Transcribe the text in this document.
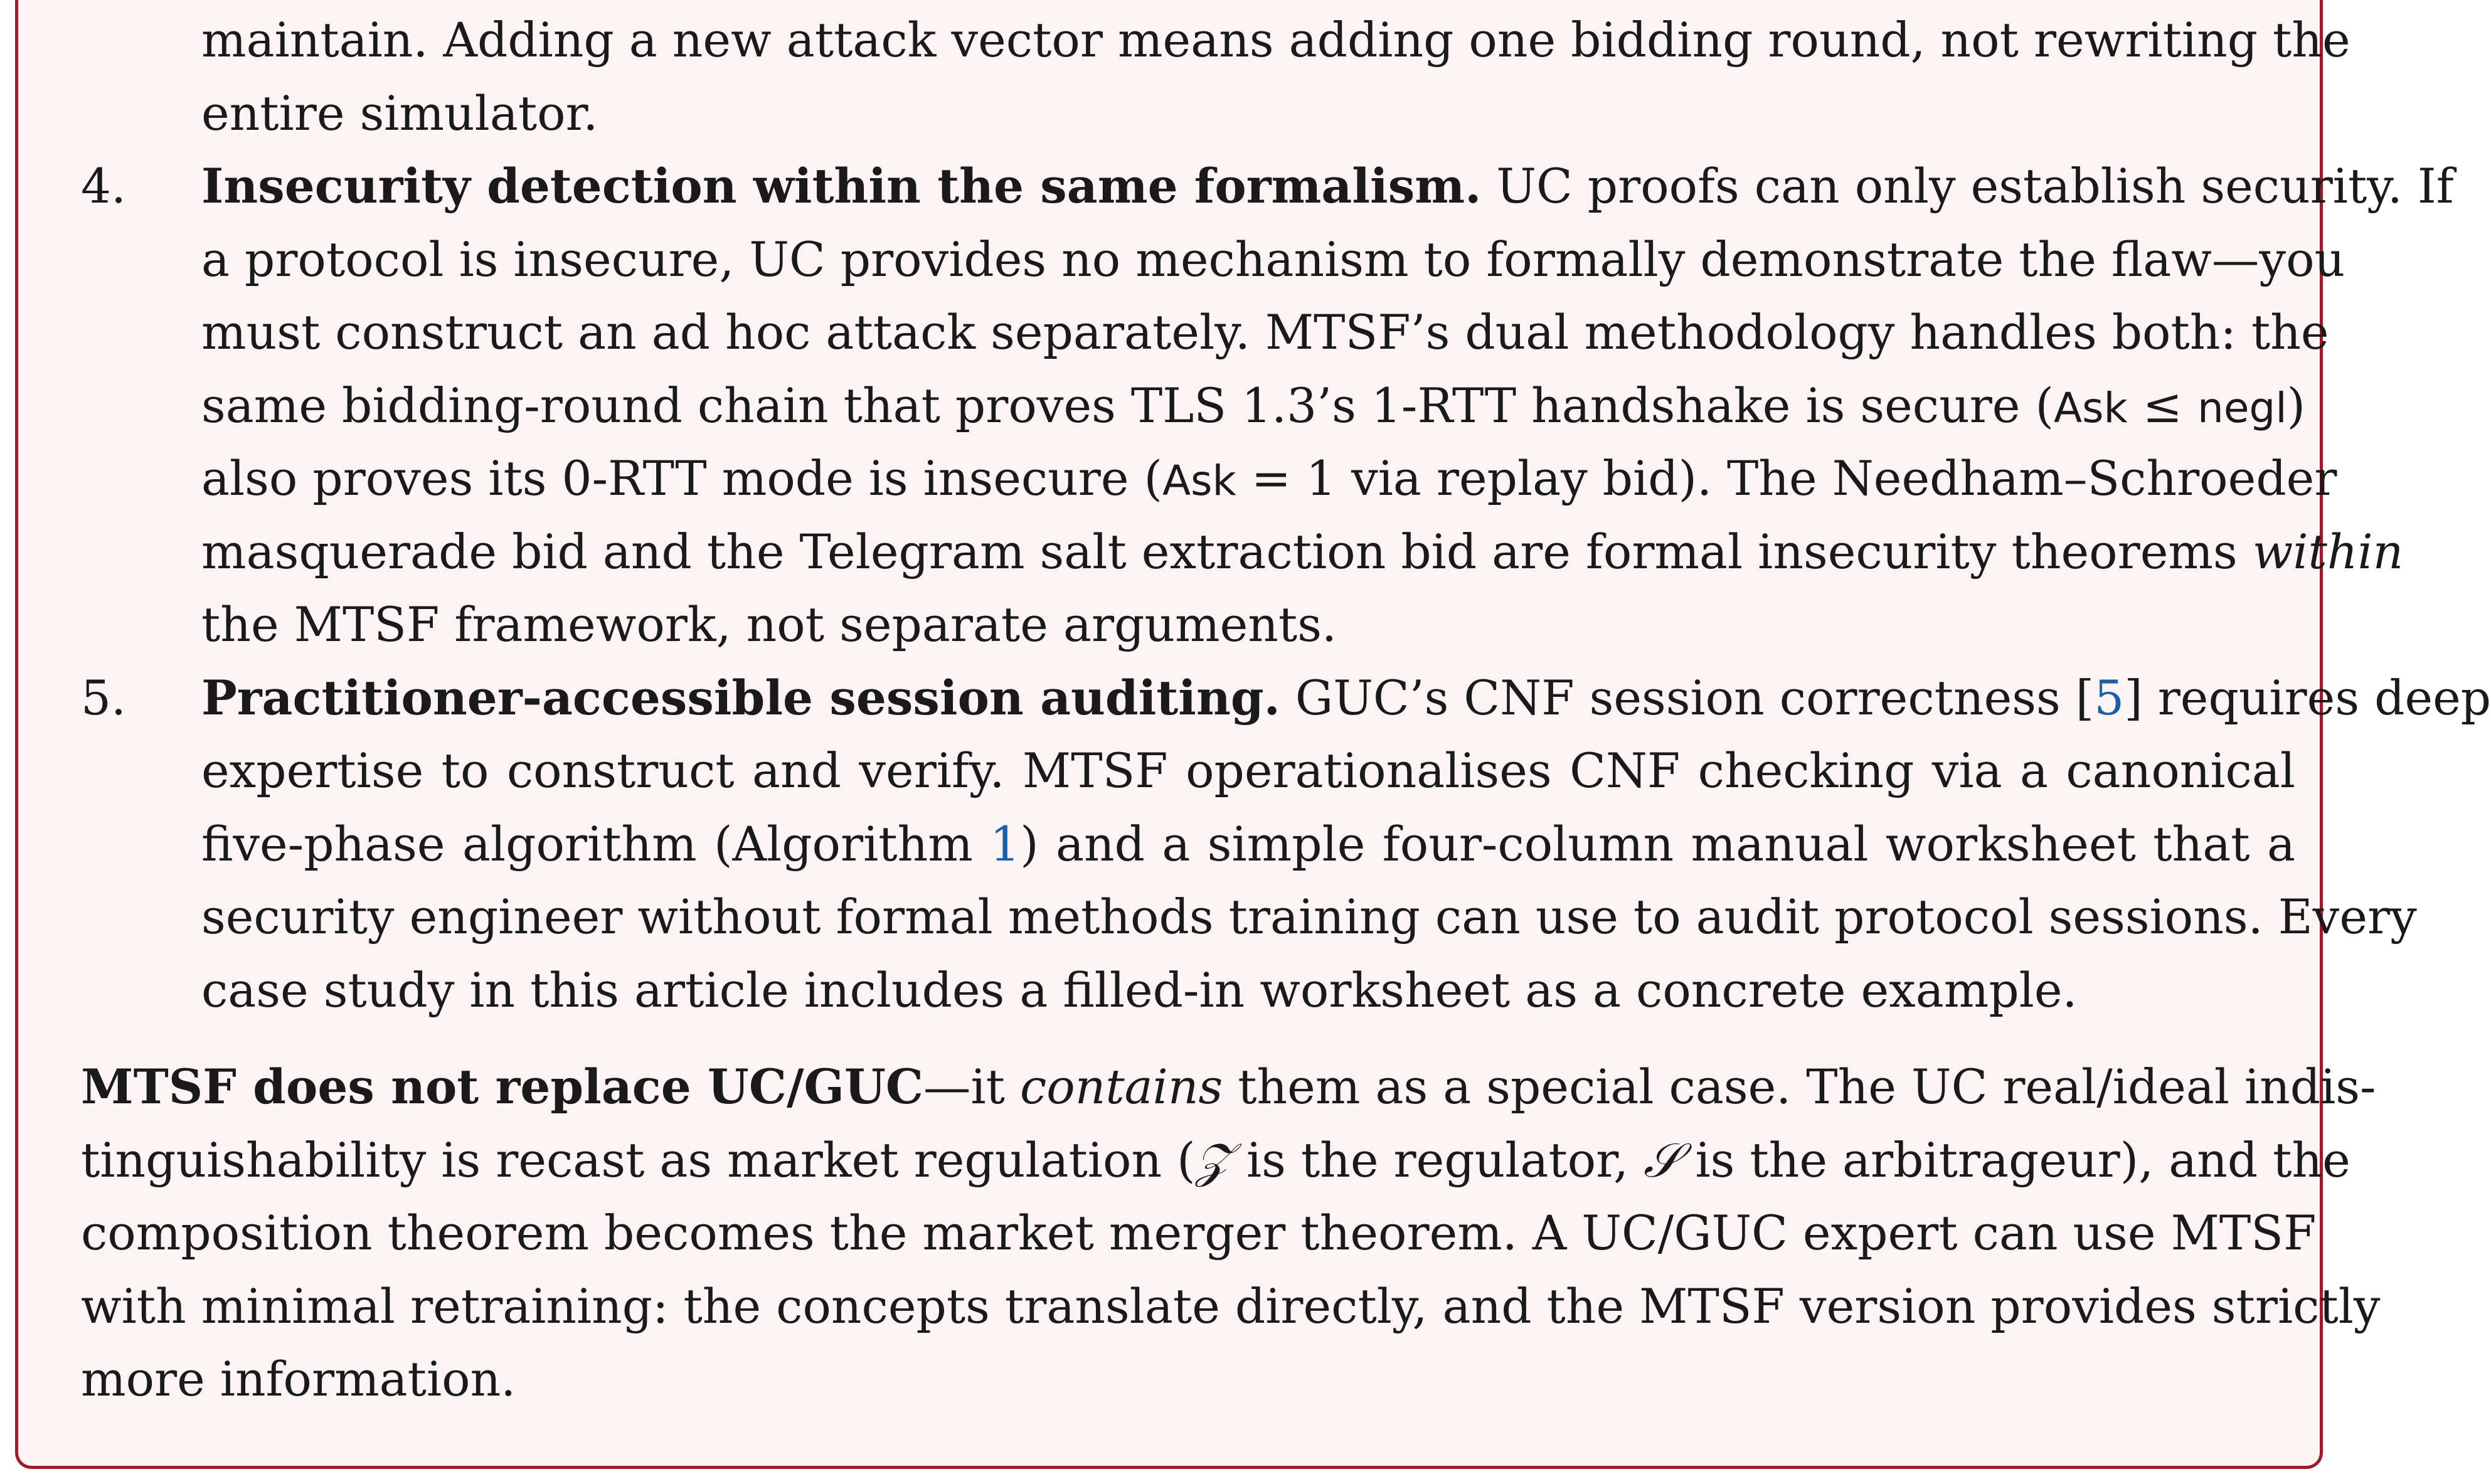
maintain. Adding a new attack vector means adding one bidding round, not rewriting the
entire simulator.
4. Insecurity detection within the same formalism. UC proofs can only establish security. If
a protocol is insecure, UC provides no mechanism to formally demonstrate the flaw—you
must construct an ad hoc attack separately. MTSF’s dual methodology handles both: the
same bidding-round chain that proves TLS 1.3’s 1-RTT handshake is secure (Ask ≤ negl)
also proves its 0-RTT mode is insecure (Ask = 1 via replay bid). The Needham–Schroeder
masquerade bid and the Telegram salt extraction bid are formal insecurity theorems within
the MTSF framework, not separate arguments.
5. Practitioner-accessible session auditing. GUC’s CNF session correctness [5] requires deep
expertise to construct and verify. MTSF operationalises CNF checking via a canonical
five-phase algorithm (Algorithm 1) and a simple four-column manual worksheet that a
security engineer without formal methods training can use to audit protocol sessions. Every
case study in this article includes a filled-in worksheet as a concrete example.
MTSF does not replace UC/GUC—it contains them as a special case. The UC real/ideal indis-
tinguishability is recast as market regulation (𝒵 is the regulator, 𝒮 is the arbitrageur), and the
composition theorem becomes the market merger theorem. A UC/GUC expert can use MTSF
with minimal retraining: the concepts translate directly, and the MTSF version provides strictly
more information.
